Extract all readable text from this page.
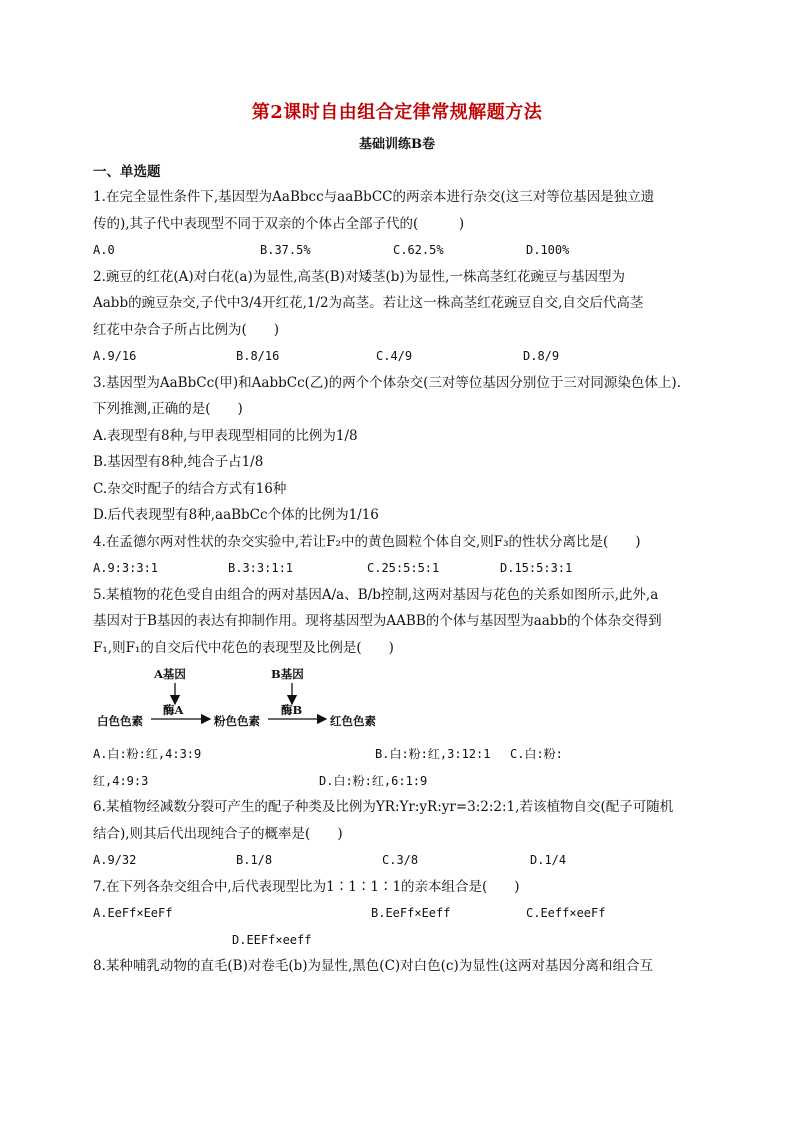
第2课时自由组合定律常规解题方法
基础训练B卷
一、单选题
1.在完全显性条件下,基因型为AaBbcc与aaBbCC的两亲本进行杂交(这三对等位基因是独立遗
传的),其子代中表现型不同于双亲的个体占全部子代的(　　　)
A.0	B.37.5%	C.62.5%	D.100%
2.豌豆的红花(A)对白花(a)为显性,高茎(B)对矮茎(b)为显性,一株高茎红花豌豆与基因型为
Aabb的豌豆杂交,子代中3/4开红花,1/2为高茎。若让这一株高茎红花豌豆自交,自交后代高茎
红花中杂合子所占比例为(　　)
A.9/16	B.8/16	C.4/9	D.8/9
3.基因型为AaBbCc(甲)和AabbCc(乙)的两个个体杂交(三对等位基因分别位于三对同源染色体上).
下列推测,正确的是(　　)
A.表现型有8种,与甲表现型相同的比例为1/8
B.基因型有8种,纯合子占1/8
C.杂交时配子的结合方式有16种
D.后代表现型有8种,aaBbCc个体的比例为1/16
4.在孟德尔两对性状的杂交实验中,若让F₂中的黄色圆粒个体自交,则F₃的性状分离比是(　　)
A.9:3:3:1	B.3:3:1:1	C.25:5:5:1	D.15:5:3:1
5.某植物的花色受自由组合的两对基因A/a、B/b控制,这两对基因与花色的关系如图所示,此外,a
基因对于B基因的表达有抑制作用。现将基因型为AABB的个体与基因型为aabb的个体杂交得到
F₁,则F₁的自交后代中花色的表现型及比例是(　　)
A基因	B基因
酶A	酶B
白色色素	粉色色素	红色色素
A.白:粉:红,4:3:9	B.白:粉:红,3:12:1	C.白:粉:
红,4:9:3	D.白:粉:红,6:1:9
6.某植物经减数分裂可产生的配子种类及比例为YR:Yr:yR:yr=3:2:2:1,若该植物自交(配子可随机
结合),则其后代出现纯合子的概率是(　　)
A.9/32	B.1/8	C.3/8	D.1/4
7.在下列各杂交组合中,后代表现型比为1∶1∶1∶1的亲本组合是(　　)
A.EeFf×EeFf	B.EeFf×Eeff	C.Eeff×eeFf
D.EEFf×eeff
8.某种哺乳动物的直毛(B)对卷毛(b)为显性,黑色(C)对白色(c)为显性(这两对基因分离和组合互
